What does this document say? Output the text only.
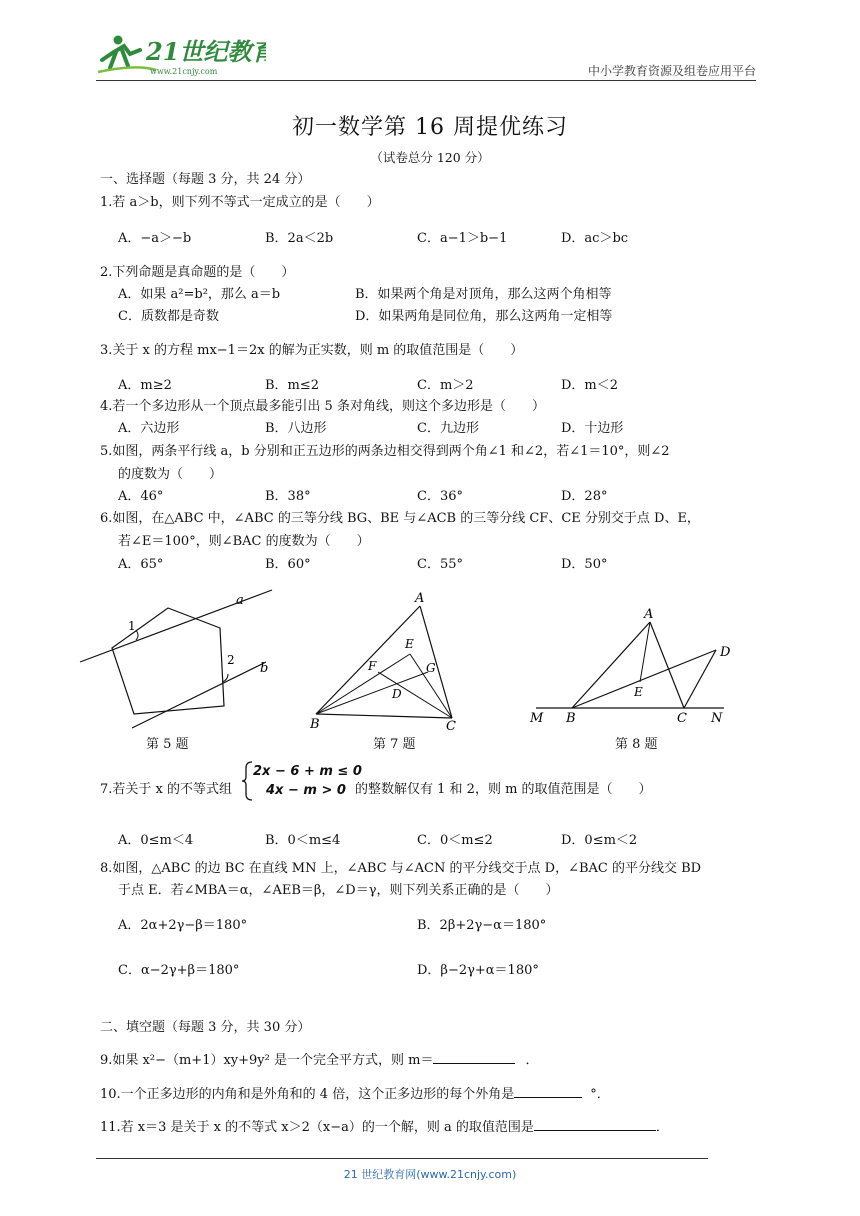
21世纪教育
www.21cnjy.com	中小学教育资源及组卷应用平台
初一数学第 16 周提优练习
（试卷总分 120 分）
一、选择题（每题 3 分，共 24 分）
1.若 a＞b，则下列不等式一定成立的是（　　）
A．−a＞−b	B．2a＜2b	C．a−1＞b−1	D．ac＞bc
2.下列命题是真命题的是（　　）
A．如果 a²=b²，那么 a＝b	B．如果两个角是对顶角，那么这两个角相等
C．质数都是奇数	D．如果两角是同位角，那么这两角一定相等
3.关于 x 的方程 mx−1＝2x 的解为正实数，则 m 的取值范围是（　　）
A．m≥2	B．m≤2	C．m＞2	D．m＜2
4.若一个多边形从一个顶点最多能引出 5 条对角线，则这个多边形是（　　）
A．六边形	B．八边形	C．九边形	D．十边形
5.如图，两条平行线 a，b 分别和正五边形的两条边相交得到两个角∠1 和∠2，若∠1＝10°，则∠2
的度数为（　　）
A．46°	B．38°	C．36°	D．28°
6.如图，在△ABC 中，∠ABC 的三等分线 BG、BE 与∠ACB 的三等分线 CF、CE 分别交于点 D、E，
若∠E＝100°，则∠BAC 的度数为（　　）
A．65°	B．60°	C．55°	D．50°
a
b
1
2
第 5 题
A
B	C
D
E
F	G
第 7 题
A
B	C
D
E
M	N
第 8 题
7.若关于 x 的不等式组
2x − 6 + m ≤ 0
4x − m > 0 的整数解仅有 1 和 2，则 m 的取值范围是（　　）
A．0≤m＜4	B．0＜m≤4	C．0＜m≤2	D．0≤m＜2
8.如图，△ABC 的边 BC 在直线 MN 上，∠ABC 与∠ACN 的平分线交于点 D，∠BAC 的平分线交 BD
于点 E．若∠MBA＝α，∠AEB＝β，∠D＝γ，则下列关系正确的是（　　）
A．2α+2γ−β＝180°	B．2β+2γ−α＝180°
C．α−2γ+β＝180°	D．β−2γ+α＝180°
二、填空题（每题 3 分，共 30 分）
9.如果 x²−（m+1）xy+9y² 是一个完全平方式，则 m＝	．
10.一个正多边形的内角和是外角和的 4 倍，这个正多边形的每个外角是	°．
11.若 x＝3 是关于 x 的不等式 x＞2（x−a）的一个解，则 a 的取值范围是	．
21 世纪教育网(www.21cnjy.com)
